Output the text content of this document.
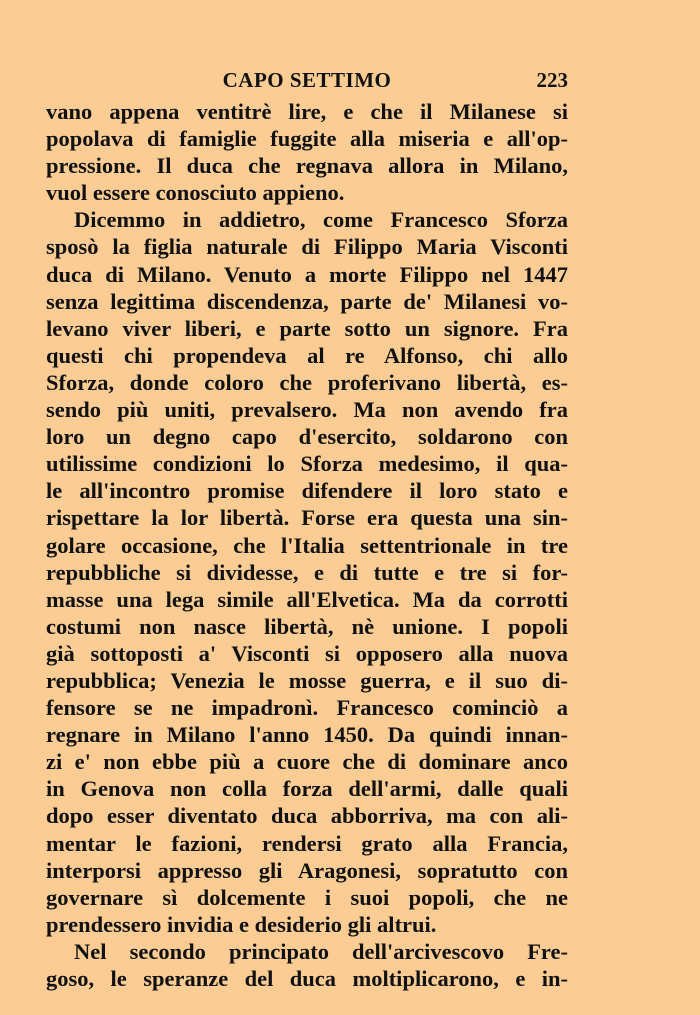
CAPO SETTIMO	223
vano appena ventitrè lire, e che il Milanese si
popolava di famiglie fuggite alla miseria e all'op-
pressione. Il duca che regnava allora in Milano,
vuol essere conosciuto appieno.
Dicemmo in addietro, come Francesco Sforza
sposò la figlia naturale di Filippo Maria Visconti
duca di Milano. Venuto a morte Filippo nel 1447
senza legittima discendenza, parte de' Milanesi vo-
levano viver liberi, e parte sotto un signore. Fra
questi chi propendeva al re Alfonso, chi allo
Sforza, donde coloro che proferivano libertà, es-
sendo più uniti, prevalsero. Ma non avendo fra
loro un degno capo d'esercito, soldarono con
utilissime condizioni lo Sforza medesimo, il qua-
le all'incontro promise difendere il loro stato e
rispettare la lor libertà. Forse era questa una sin-
golare occasione, che l'Italia settentrionale in tre
repubbliche si dividesse, e di tutte e tre si for-
masse una lega simile all'Elvetica. Ma da corrotti
costumi non nasce libertà, nè unione. I popoli
già sottoposti a' Visconti si opposero alla nuova
repubblica; Venezia le mosse guerra, e il suo di-
fensore se ne impadronì. Francesco cominciò a
regnare in Milano l'anno 1450. Da quindi innan-
zi e' non ebbe più a cuore che di dominare anco
in Genova non colla forza dell'armi, dalle quali
dopo esser diventato duca abborriva, ma con ali-
mentar le fazioni, rendersi grato alla Francia,
interporsi appresso gli Aragonesi, sopratutto con
governare sì dolcemente i suoi popoli, che ne
prendessero invidia e desiderio gli altrui.
Nel secondo principato dell'arcivescovo Fre-
goso, le speranze del duca moltiplicarono, e in-
